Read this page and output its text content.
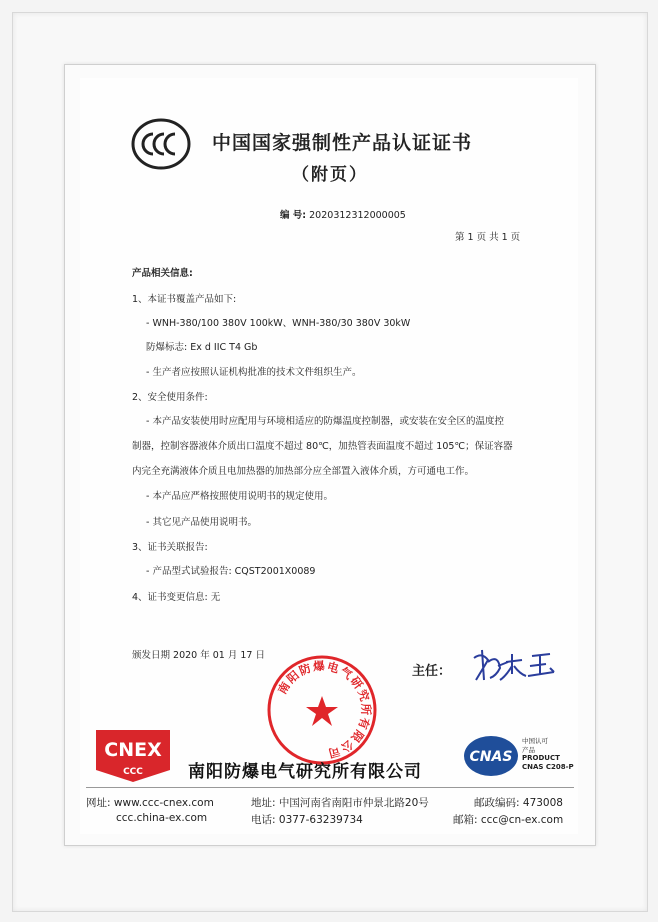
中国国家强制性产品认证证书
（附页）
编 号: 2020312312000005
第 1 页 共 1 页
产品相关信息:
1、本证书覆盖产品如下:
- WNH-380/100 380V 100kW、WNH-380/30 380V 30kW
防爆标志: Ex d IIC T4 Gb
- 生产者应按照认证机构批准的技术文件组织生产。
2、安全使用条件:
- 本产品安装使用时应配用与环境相适应的防爆温度控制器，或安装在安全区的温度控
制器，控制容器液体介质出口温度不超过 80℃，加热管表面温度不超过 105℃；保证容器
内完全充满液体介质且电加热器的加热部分应全部置入液体介质，方可通电工作。
- 本产品应严格按照使用说明书的规定使用。
- 其它见产品使用说明书。
3、证书关联报告:
- 产品型式试验报告: CQST2001X0089
4、证书变更信息: 无
颁发日期 2020 年 01 月 17 日
主任：
南阳防爆电气研究所有限公司
CNEX
CCC	南阳防爆电气研究所有限公司
CNAS
中国认可
产品
PRODUCT
CNAS C208-P
网址: www.ccc-cnex.com
ccc.china-ex.com
地址: 中国河南省南阳市仲景北路20号
电话: 0377-63239734
邮政编码: 473008
邮箱: ccc@cn-ex.com
